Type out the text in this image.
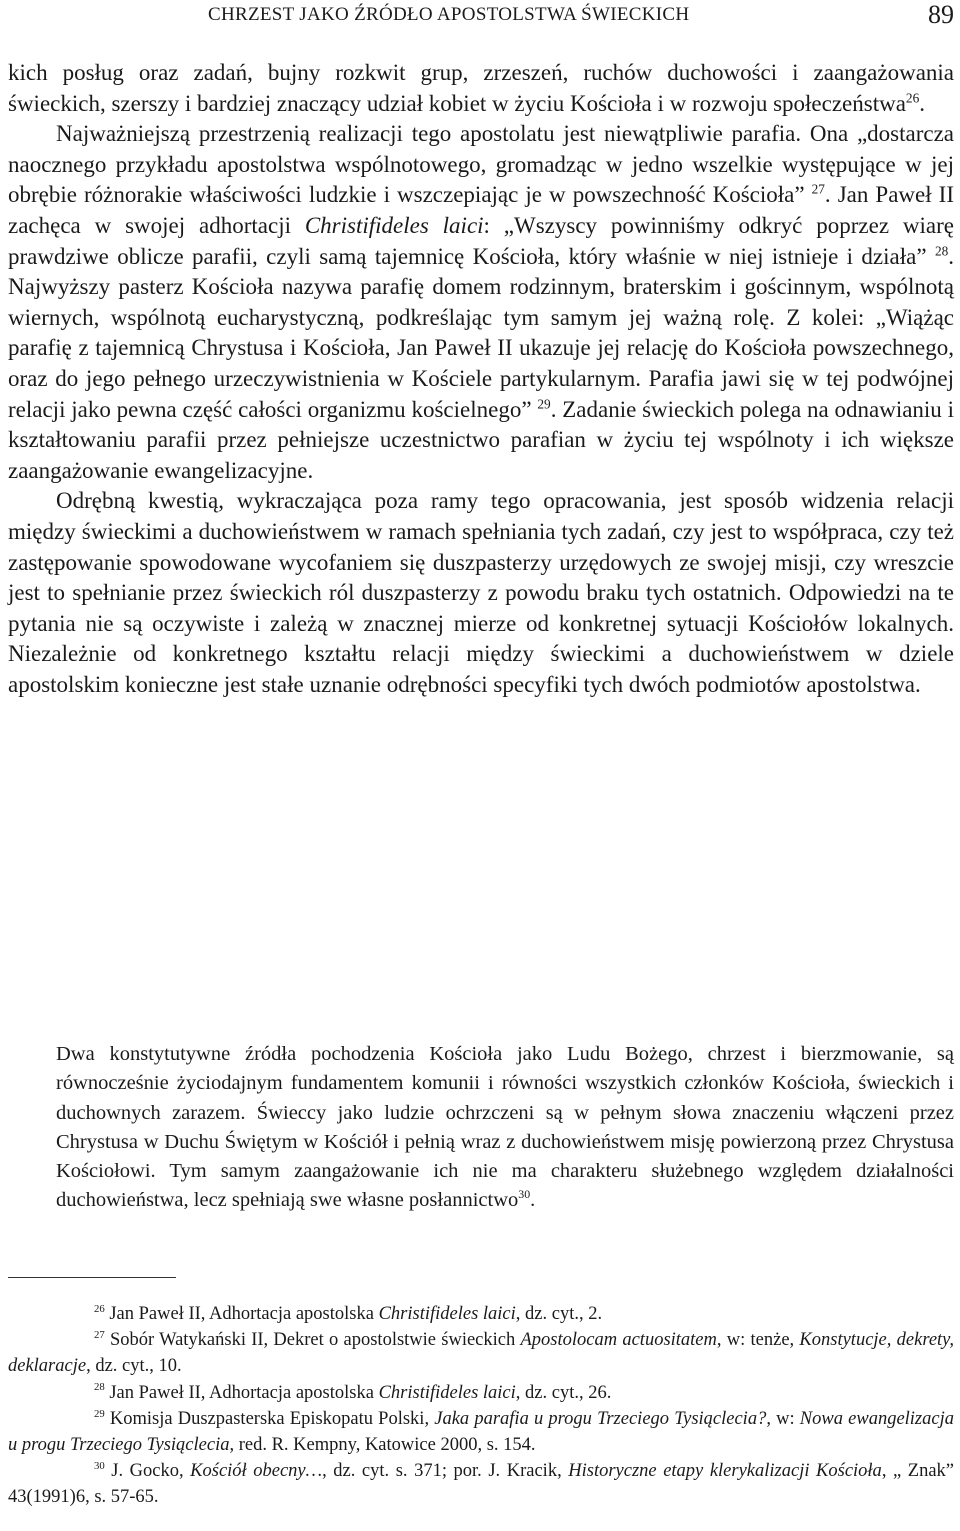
CHRZEST JAKO ŹRÓDŁO APOSTOLSTWA ŚWIECKICH	89

kich posług oraz zadań, bujny rozkwit grup, zrzeszeń, ruchów duchowości i zaangażowania świeckich, szerszy i bardziej znaczący udział kobiet w życiu Kościoła i w rozwoju społeczeństwa$^{26}$.

Najważniejszą przestrzenią realizacji tego apostolatu jest niewątpliwie parafia. Ona „dostarcza naocznego przykładu apostolstwa wspólnotowego, gromadząc w jedno wszelkie występujące w jej obrębie różnorakie właściwości ludzkie i wszczepiając je w powszechność Kościoła” $^{27}$. Jan Paweł II zachęca w swojej adhortacji Christifideles laici: „Wszyscy powinniśmy odkryć poprzez wiarę prawdziwe oblicze parafii, czyli samą tajemnicę Kościoła, który właśnie w niej istnieje i działa” $^{28}$. Najwyższy pasterz Kościoła nazywa parafię domem rodzinnym, braterskim i gościnnym, wspólnotą wiernych, wspólnotą eucharystyczną, podkreślając tym samym jej ważną rolę. Z kolei: „Wiążąc parafię z tajemnicą Chrystusa i Kościoła, Jan Paweł II ukazuje jej relację do Kościoła powszechnego, oraz do jego pełnego urzeczywistnienia w Kościele partykularnym. Parafia jawi się w tej podwójnej relacji jako pewna część całości organizmu kościelnego” $^{29}$. Zadanie świeckich polega na odnawianiu i kształtowaniu parafii przez pełniejsze uczestnictwo parafian w życiu tej wspólnoty i ich większe zaangażowanie ewangelizacyjne.

Odrębną kwestią, wykraczająca poza ramy tego opracowania, jest sposób widzenia relacji między świeckimi a duchowieństwem w ramach spełniania tych zadań, czy jest to współpraca, czy też zastępowanie spowodowane wycofaniem się duszpasterzy urzędowych ze swojej misji, czy wreszcie jest to spełnianie przez świeckich ról duszpasterzy z powodu braku tych ostatnich. Odpowiedzi na te pytania nie są oczywiste i zależą w znacznej mierze od konkretnej sytuacji Kościołów lokalnych. Niezależnie od konkretnego kształtu relacji między świeckimi a duchowieństwem w dziele apostolskim konieczne jest stałe uznanie odrębności specyfiki tych dwóch podmiotów apostolstwa.

Dwa konstytutywne źródła pochodzenia Kościoła jako Ludu Bożego, chrzest i bierzmowanie, są równocześnie życiodajnym fundamentem komunii i równości wszystkich członków Kościoła, świeckich i duchownych zarazem. Świeccy jako ludzie ochrzczeni są w pełnym słowa znaczeniu włączeni przez Chrystusa w Duchu Świętym w Kościół i pełnią wraz z duchowieństwem misję powierzoną przez Chrystusa Kościołowi. Tym samym zaangażowanie ich nie ma charakteru służebnego względem działalności duchowieństwa, lecz spełniają swe własne posłannictwo$^{30}$.

$^{26}$ Jan Paweł II, Adhortacja apostolska Christifideles laici, dz. cyt., 2.

$^{27}$ Sobór Watykański II, Dekret o apostolstwie świeckich Apostolocam actuositatem, w: tenże, Konstytucje, dekrety, deklaracje, dz. cyt., 10.

$^{28}$ Jan Paweł II, Adhortacja apostolska Christifideles laici, dz. cyt., 26.

$^{29}$ Komisja Duszpasterska Episkopatu Polski, Jaka parafia u progu Trzeciego Tysiąclecia?, w: Nowa ewangelizacja u progu Trzeciego Tysiąclecia, red. R. Kempny, Katowice 2000, s. 154.

$^{30}$ J. Gocko, Kościół obecny…, dz. cyt. s. 371; por. J. Kracik, Historyczne etapy klerykalizacji Kościoła, „ Znak” 43(1991)6, s. 57-65.
